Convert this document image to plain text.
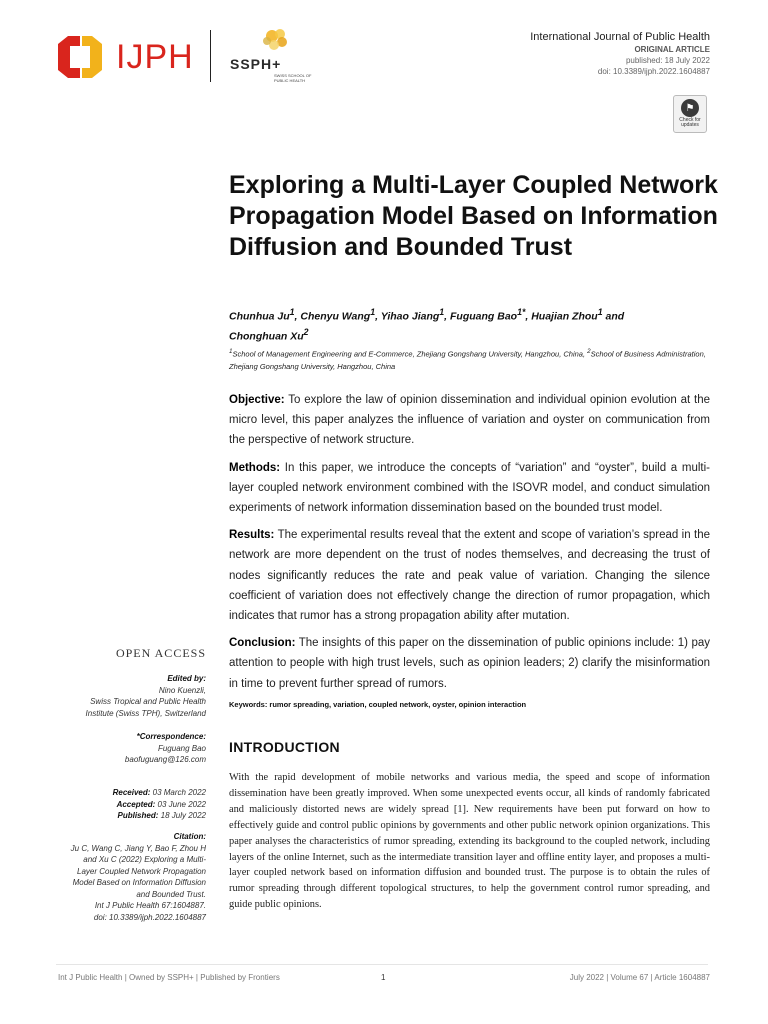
IJPH	SSPH+
SWISS SCHOOL OF PUBLIC HEALTH
International Journal of Public Health
ORIGINAL ARTICLE
published: 18 July 2022
doi: 10.3389/ijph.2022.1604887
⚑
Check for updates
Exploring a Multi-Layer Coupled Network Propagation Model Based on Information Diffusion and Bounded Trust
Chunhua Ju$^1$, Chenyu Wang$^1$, Yihao Jiang$^1$, Fuguang Bao$^{1*}$, Huajian Zhou$^1$ and
Chonghuan Xu$^2$
$^1$School of Management Engineering and E-Commerce, Zhejiang Gongshang University, Hangzhou, China, $^2$School of Business Administration, Zhejiang Gongshang University, Hangzhou, China

Objective: To explore the law of opinion dissemination and individual opinion evolution at the micro level, this paper analyzes the influence of variation and oyster on communication from the perspective of network structure.

Methods: In this paper, we introduce the concepts of “variation” and “oyster”, build a multi-layer coupled network environment combined with the ISOVR model, and conduct simulation experiments of network information dissemination based on the bounded trust model.

Results: The experimental results reveal that the extent and scope of variation’s spread in the network are more dependent on the trust of nodes themselves, and decreasing the trust of nodes significantly reduces the rate and peak value of variation. Changing the silence coefficient of variation does not effectively change the direction of rumor propagation, which indicates that rumor has a strong propagation ability after mutation.

Conclusion: The insights of this paper on the dissemination of public opinions include: 1) pay attention to people with high trust levels, such as opinion leaders; 2) clarify the misinformation in time to prevent further spread of rumors.

Keywords: rumor spreading, variation, coupled network, oyster, opinion interaction
INTRODUCTION

With the rapid development of mobile networks and various media, the speed and scope of information dissemination have been greatly improved. When some unexpected events occur, all kinds of randomly fabricated and maliciously distorted news are widely spread [1]. New requirements have been put forward on how to effectively guide and control public opinions by governments and other public network opinion organizations. This paper analyses the characteristics of rumor spreading, extending its background to the coupled network, including layers of the online Internet, such as the intermediate transition layer and offline entity layer, and proposes a multi-layer coupled network based on information diffusion and bounded trust. The purpose is to obtain the rules of rumor spreading through different topological structures, to help the government control rumor spreading, and guide public opinions.

OPEN ACCESS
Edited by:
Nino Kuenzli,
Swiss Tropical and Public Health
Institute (Swiss TPH), Switzerland
*Correspondence:
Fuguang Bao
baofuguang@126.com
Received: 03 March 2022
Accepted: 03 June 2022
Published: 18 July 2022
Citation:
Ju C, Wang C, Jiang Y, Bao F, Zhou H
and Xu C (2022) Exploring a Multi-
Layer Coupled Network Propagation
Model Based on Information Diffusion
and Bounded Trust.
Int J Public Health 67:1604887.
doi: 10.3389/ijph.2022.1604887
Int J Public Health | Owned by SSPH+ | Published by Frontiers	1	July 2022 | Volume 67 | Article 1604887
